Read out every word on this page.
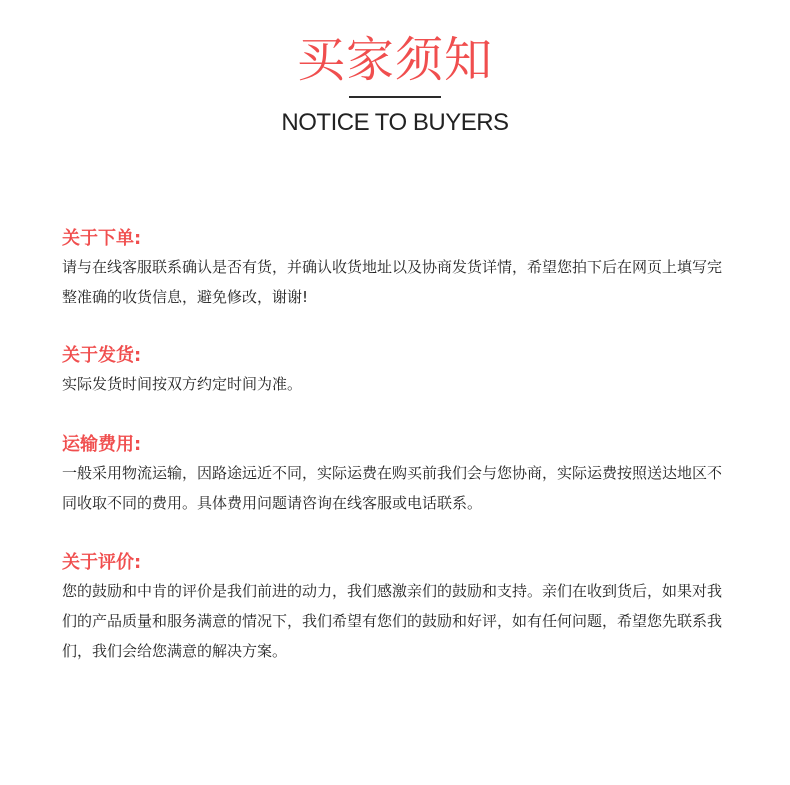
买家须知
NOTICE TO BUYERS

关于下单:

请与在线客服联系确认是否有货，并确认收货地址以及协商发货详情，希望您拍下后在网页上填写完整准确的收货信息，避免修改，谢谢!

关于发货:

实际发货时间按双方约定时间为准。

运输费用:

一般采用物流运输，因路途远近不同，实际运费在购买前我们会与您协商，实际运费按照送达地区不同收取不同的费用。具体费用问题请咨询在线客服或电话联系。

关于评价:

您的鼓励和中肯的评价是我们前进的动力，我们感激亲们的鼓励和支持。亲们在收到货后，如果对我们的产品质量和服务满意的情况下，我们希望有您们的鼓励和好评，如有任何问题，希望您先联系我们，我们会给您满意的解决方案。
